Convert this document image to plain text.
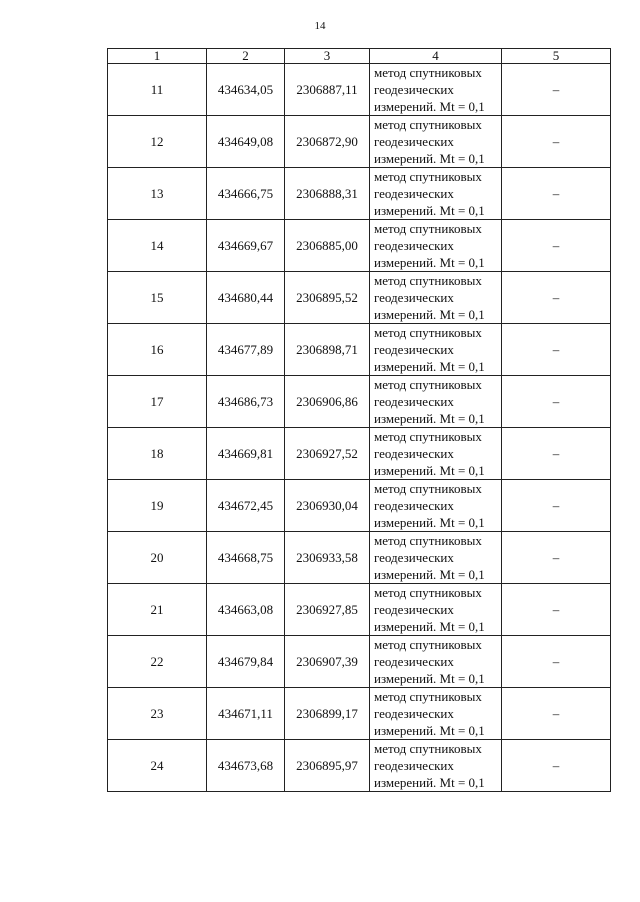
14
1	2	3	4	5
11	434634,05	2306887,11	метод спутниковых
геодезических
измерений. Mt = 0,1	–
12	434649,08	2306872,90	метод спутниковых
геодезических
измерений. Mt = 0,1	–
13	434666,75	2306888,31	метод спутниковых
геодезических
измерений. Mt = 0,1	–
14	434669,67	2306885,00	метод спутниковых
геодезических
измерений. Mt = 0,1	–
15	434680,44	2306895,52	метод спутниковых
геодезических
измерений. Mt = 0,1	–
16	434677,89	2306898,71	метод спутниковых
геодезических
измерений. Mt = 0,1	–
17	434686,73	2306906,86	метод спутниковых
геодезических
измерений. Mt = 0,1	–
18	434669,81	2306927,52	метод спутниковых
геодезических
измерений. Mt = 0,1	–
19	434672,45	2306930,04	метод спутниковых
геодезических
измерений. Mt = 0,1	–
20	434668,75	2306933,58	метод спутниковых
геодезических
измерений. Mt = 0,1	–
21	434663,08	2306927,85	метод спутниковых
геодезических
измерений. Mt = 0,1	–
22	434679,84	2306907,39	метод спутниковых
геодезических
измерений. Mt = 0,1	–
23	434671,11	2306899,17	метод спутниковых
геодезических
измерений. Mt = 0,1	–
24	434673,68	2306895,97	метод спутниковых
геодезических
измерений. Mt = 0,1	–
